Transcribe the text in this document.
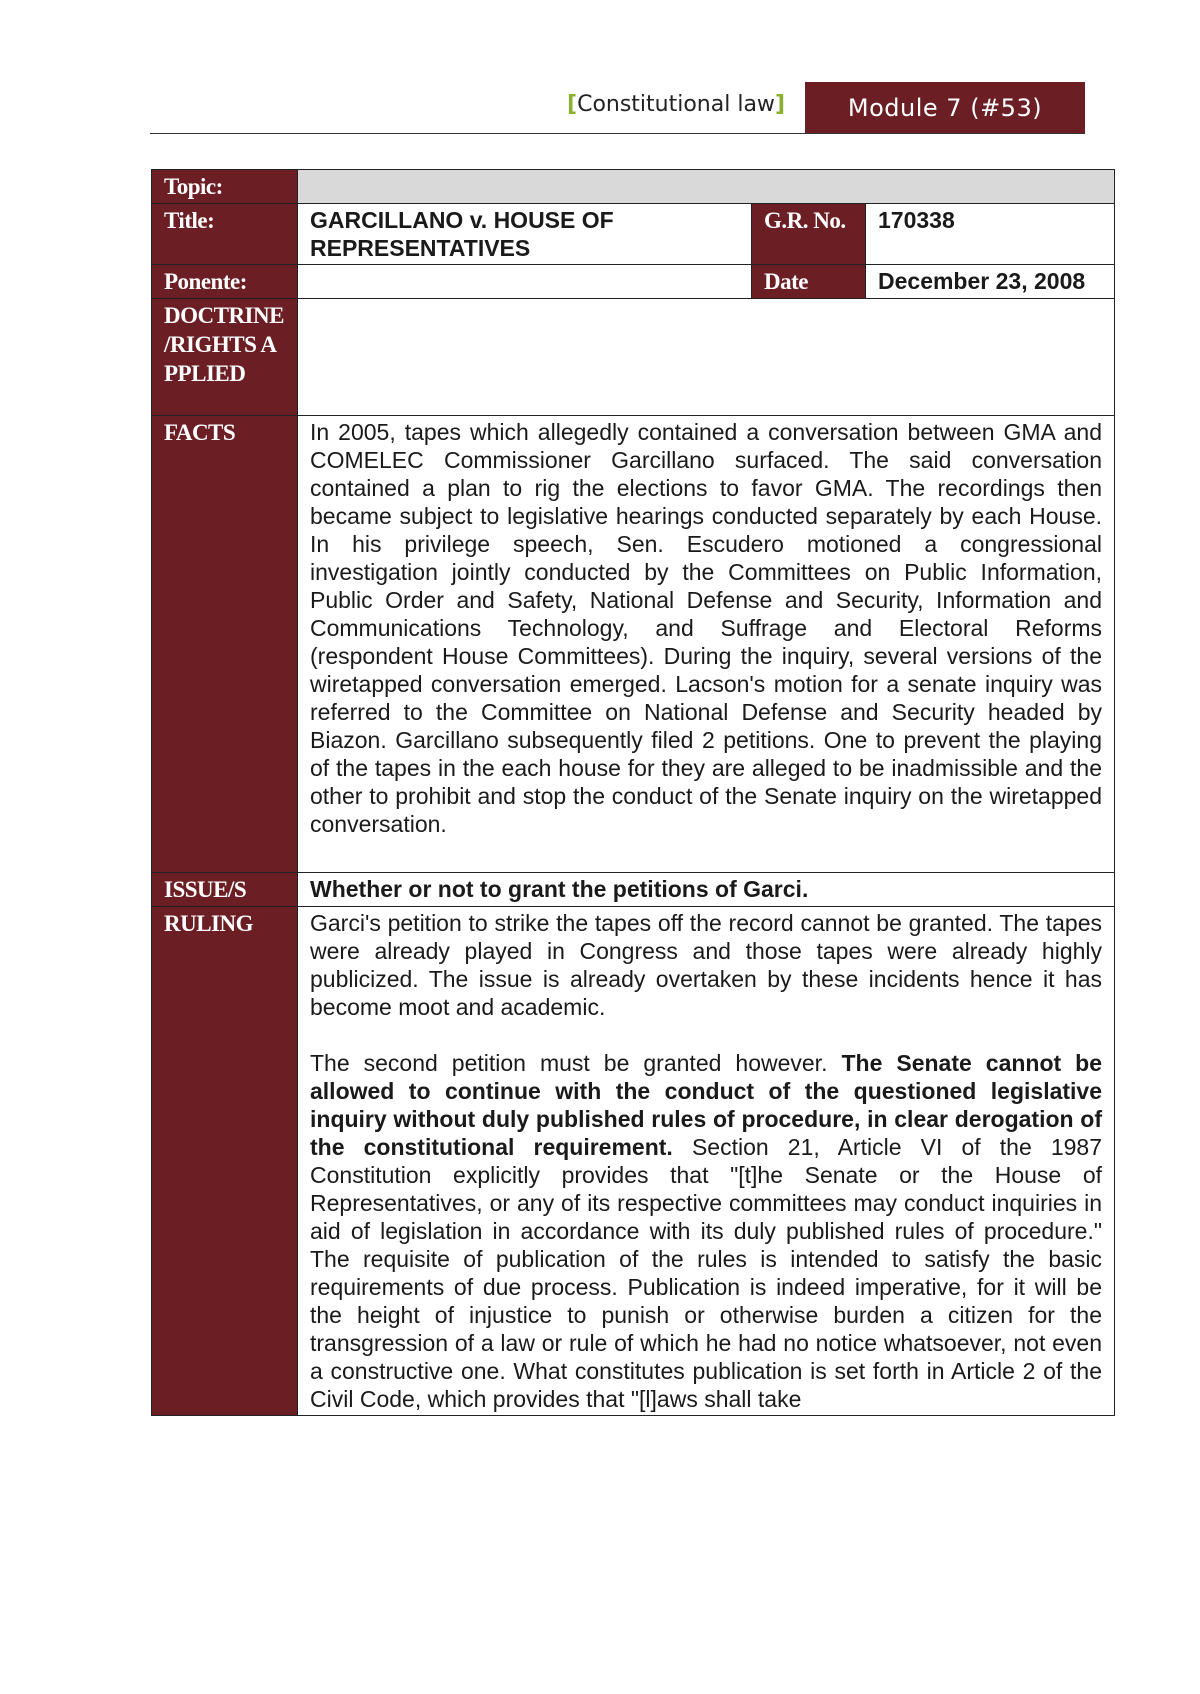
[Constitutional law]	Module 7 (#53)
Topic:			
Title:	GARCILLANO v. HOUSE OF REPRESENTATIVES	G.R. No.	170338
Ponente:		Date	December 23, 2008
DOCTRINE /RIGHTS APPLIED			
FACTS	In 2005, tapes which allegedly contained a conversation between GMA and COMELEC Commissioner Garcillano surfaced. The said conversation contained a plan to rig the elections to favor GMA. The recordings then became subject to legislative hearings conducted separately by each House. In his privilege speech, Sen. Escudero motioned a congressional investigation jointly conducted by the Committees on Public Information, Public Order and Safety, National Defense and Security, Information and Communications Technology, and Suffrage and Electoral Reforms (respondent House Committees). During the inquiry, several versions of the wiretapped conversation emerged. Lacson's motion for a senate inquiry was referred to the Committee on National Defense and Security headed by Biazon. Garcillano subsequently filed 2 petitions. One to prevent the playing of the tapes in the each house for they are alleged to be inadmissible and the other to prohibit and stop the conduct of the Senate inquiry on the wiretapped conversation.		

ISSUE/S	Whether or not to grant the petitions of Garci.		
RULING	Garci's petition to strike the tapes off the record cannot be granted. The tapes were already played in Congress and those tapes were already highly publicized. The issue is already overtaken by these incidents hence it has become moot and academic.

The second petition must be granted however. The Senate cannot be allowed to continue with the conduct of the questioned legislative inquiry without duly published rules of procedure, in clear derogation of the constitutional requirement. Section 21, Article VI of the 1987 Constitution explicitly provides that "[t]he Senate or the House of Representatives, or any of its respective committees may conduct inquiries in aid of legislation in accordance with its duly published rules of procedure." The requisite of publication of the rules is intended to satisfy the basic requirements of due process. Publication is indeed imperative, for it will be the height of injustice to punish or otherwise burden a citizen for the transgression of a law or rule of which he had no notice whatsoever, not even a constructive one. What constitutes publication is set forth in Article 2 of the Civil Code, which provides that "[l]aws shall take		
